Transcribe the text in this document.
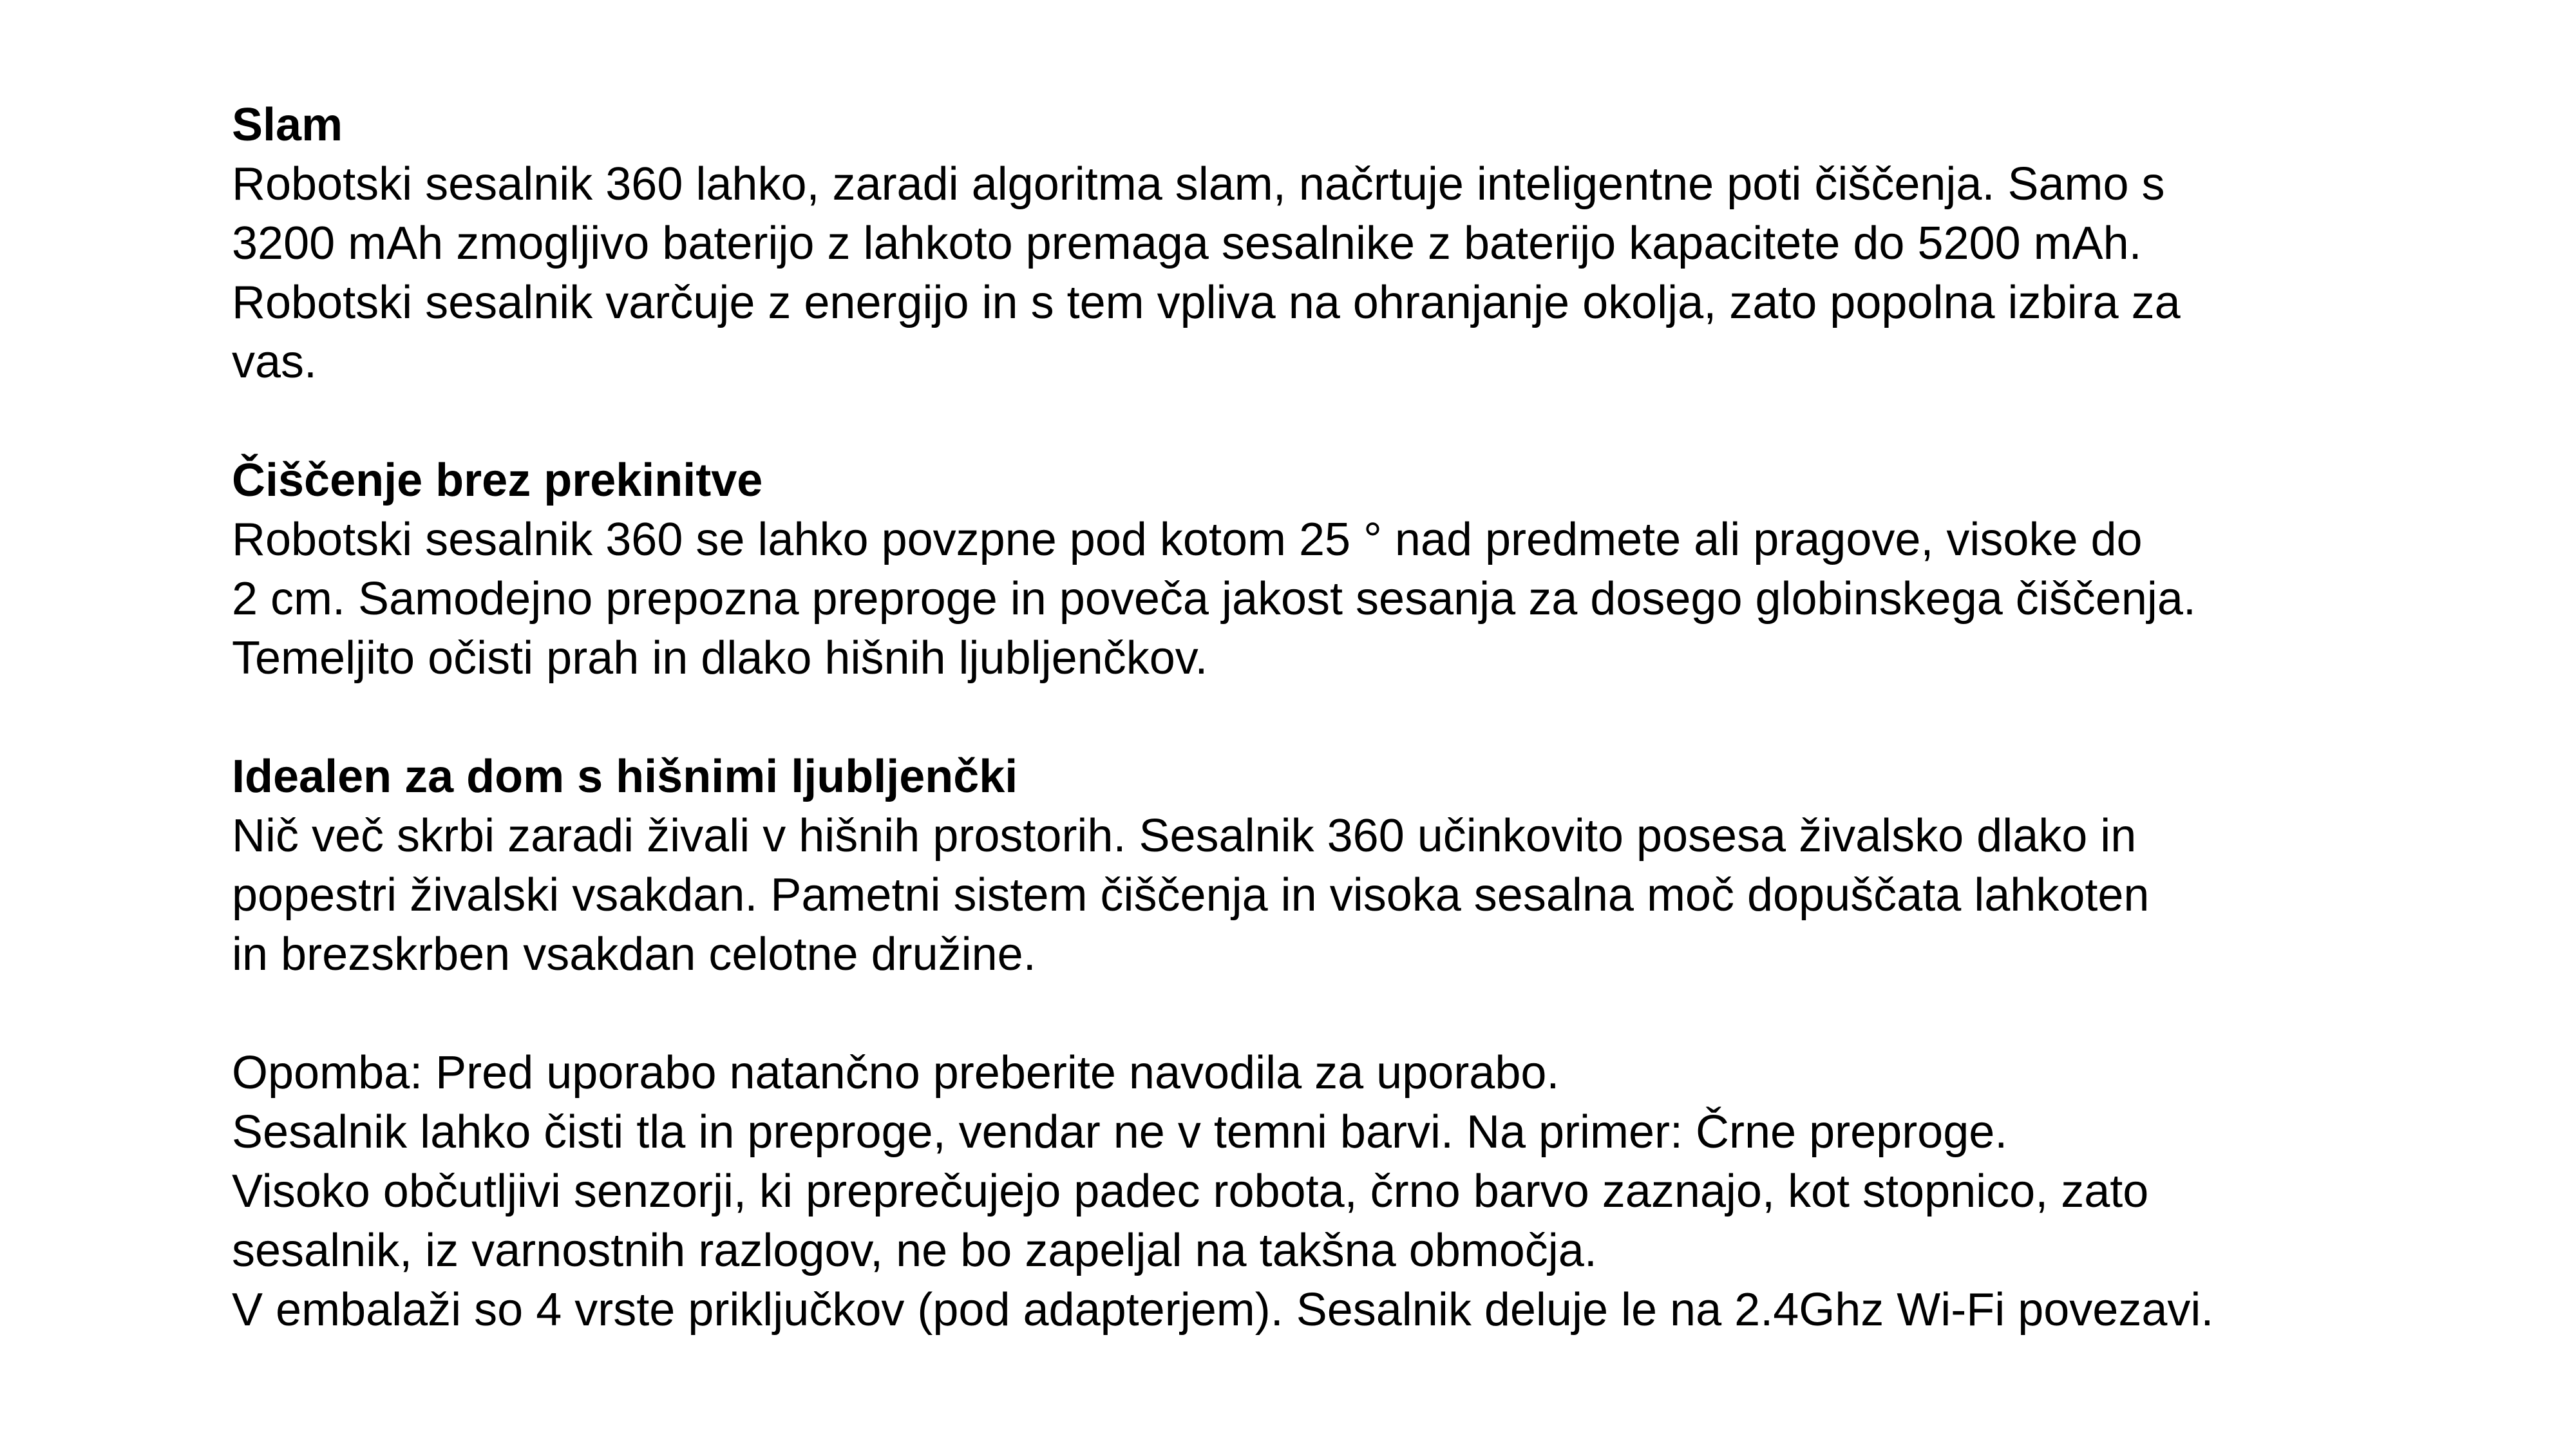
Slam
Robotski sesalnik 360 lahko, zaradi algoritma slam, načrtuje inteligentne poti čiščenja. Samo s
3200 mAh zmogljivo baterijo z lahkoto premaga sesalnike z baterijo kapacitete do 5200 mAh.
Robotski sesalnik varčuje z energijo in s tem vpliva na ohranjanje okolja, zato popolna izbira za
vas.
Čiščenje brez prekinitve
Robotski sesalnik 360 se lahko povzpne pod kotom 25 ° nad predmete ali pragove, visoke do
2 cm. Samodejno prepozna preproge in poveča jakost sesanja za dosego globinskega čiščenja.
Temeljito očisti prah in dlako hišnih ljubljenčkov.
Idealen za dom s hišnimi ljubljenčki
Nič več skrbi zaradi živali v hišnih prostorih. Sesalnik 360 učinkovito posesa živalsko dlako in
popestri živalski vsakdan. Pametni sistem čiščenja in visoka sesalna moč dopuščata lahkoten
in brezskrben vsakdan celotne družine.
Opomba: Pred uporabo natančno preberite navodila za uporabo.
Sesalnik lahko čisti tla in preproge, vendar ne v temni barvi. Na primer: Črne preproge.
Visoko občutljivi senzorji, ki preprečujejo padec robota, črno barvo zaznajo, kot stopnico, zato
sesalnik, iz varnostnih razlogov, ne bo zapeljal na takšna območja.
V embalaži so 4 vrste priključkov (pod adapterjem). Sesalnik deluje le na 2.4Ghz Wi-Fi povezavi.
